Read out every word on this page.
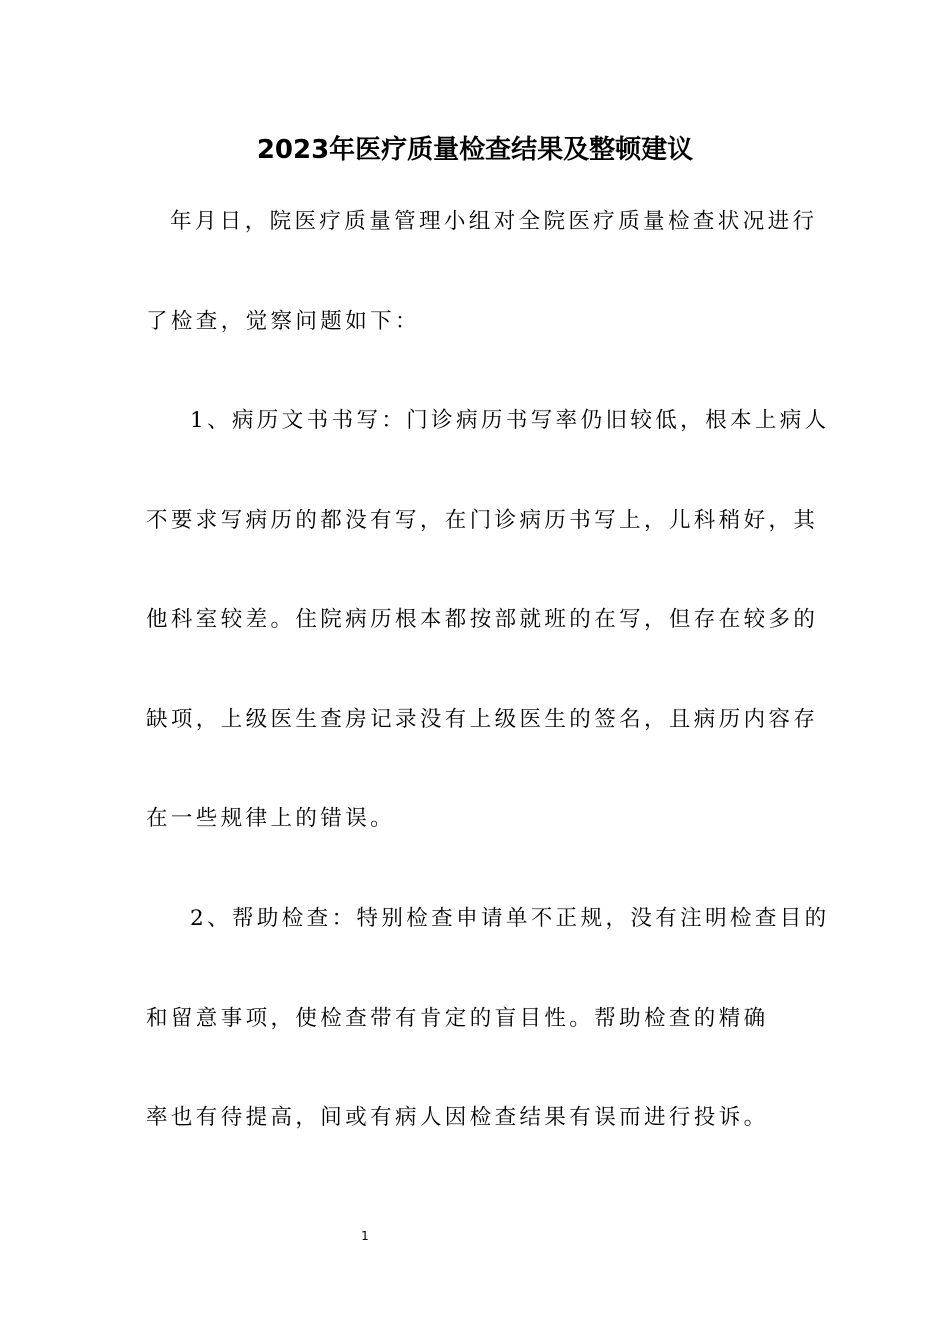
2023年医疗质量检查结果及整顿建议
年月日，院医疗质量管理小组对全院医疗质量检查状况进行
了检查，觉察问题如下：
1、病历文书书写：门诊病历书写率仍旧较低，根本上病人
不要求写病历的都没有写，在门诊病历书写上，儿科稍好，其
他科室较差。住院病历根本都按部就班的在写，但存在较多的
缺项，上级医生查房记录没有上级医生的签名，且病历内容存
在一些规律上的错误。
2、帮助检查：特别检查申请单不正规，没有注明检查目的
和留意事项，使检查带有肯定的盲目性。帮助检查的精确
率也有待提高，间或有病人因检查结果有误而进行投诉。
1
